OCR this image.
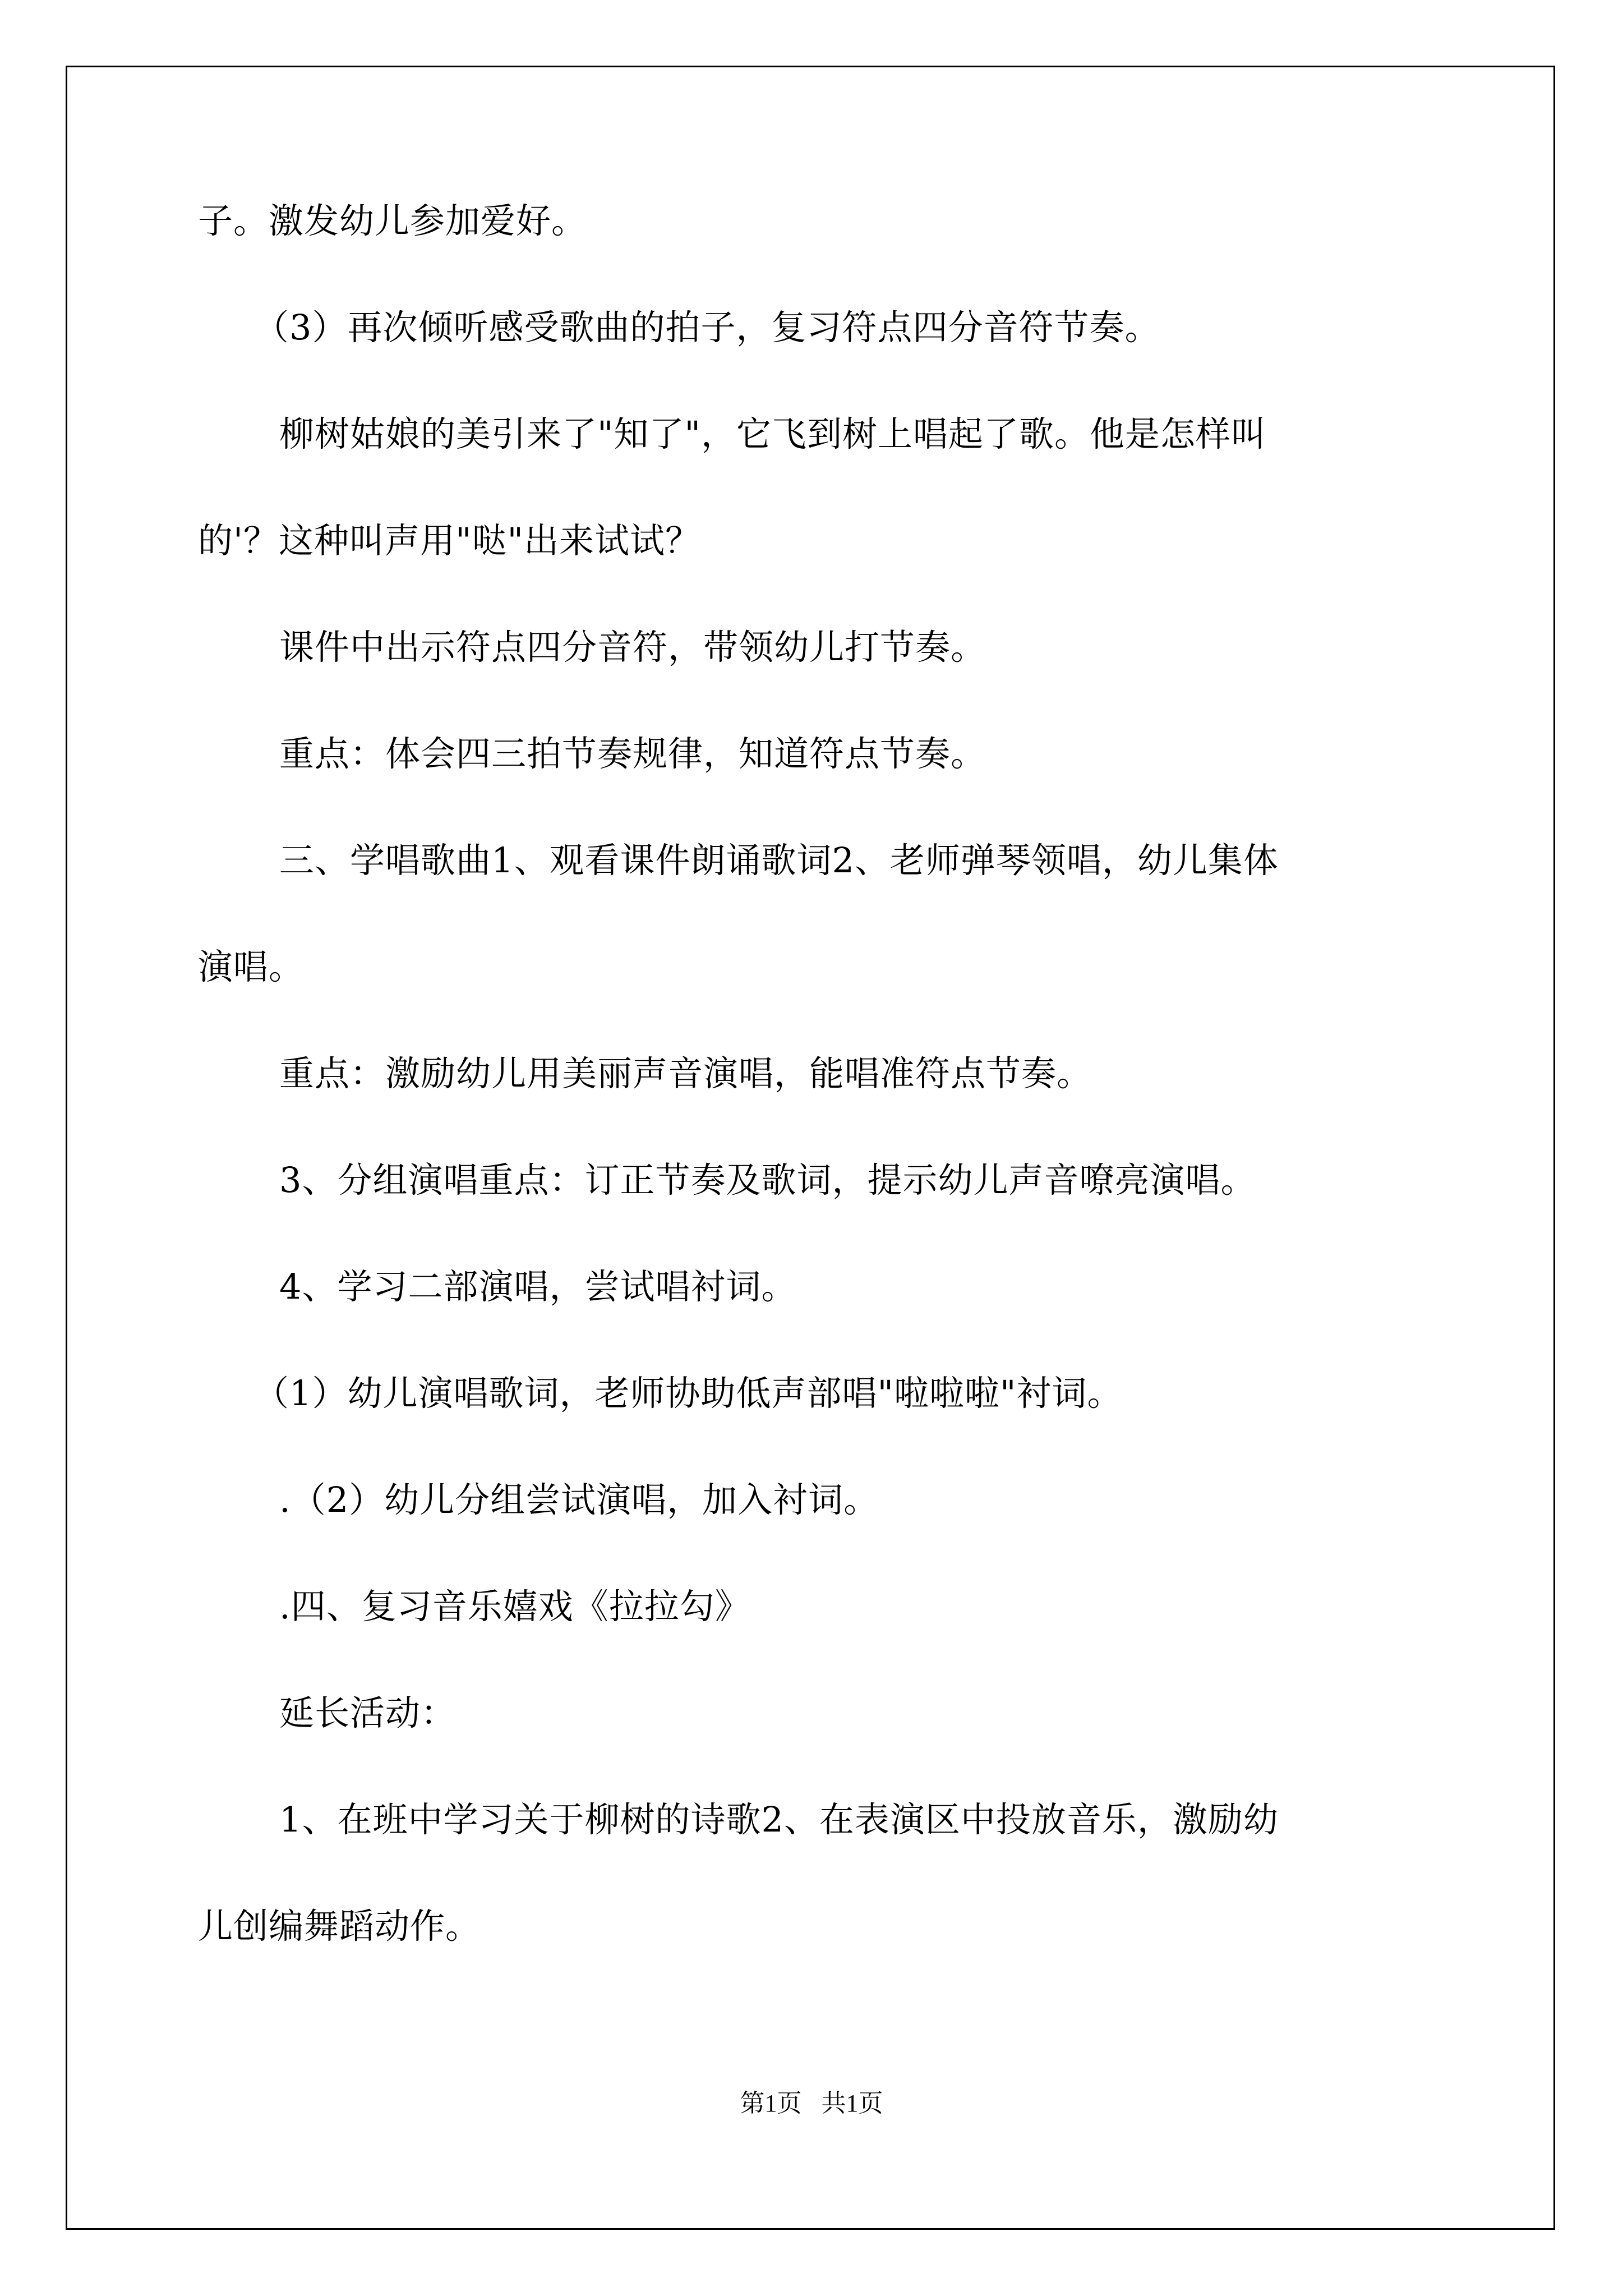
子。激发幼儿参加爱好。
（3）再次倾听感受歌曲的拍子，复习符点四分音符节奏。
柳树姑娘的美引来了"知了"，它飞到树上唱起了歌。他是怎样叫
的'？这种叫声用"哒"出来试试？
课件中出示符点四分音符，带领幼儿打节奏。
重点：体会四三拍节奏规律，知道符点节奏。
三、学唱歌曲1、观看课件朗诵歌词2、老师弹琴领唱，幼儿集体
演唱。
重点：激励幼儿用美丽声音演唱，能唱准符点节奏。
3、分组演唱重点：订正节奏及歌词，提示幼儿声音嘹亮演唱。
4、学习二部演唱，尝试唱衬词。
（1）幼儿演唱歌词，老师协助低声部唱"啦啦啦"衬词。
.（2）幼儿分组尝试演唱，加入衬词。
.四、复习音乐嬉戏《拉拉勾》
延长活动：
1、在班中学习关于柳树的诗歌2、在表演区中投放音乐，激励幼
儿创编舞蹈动作。
第1页 共1页
